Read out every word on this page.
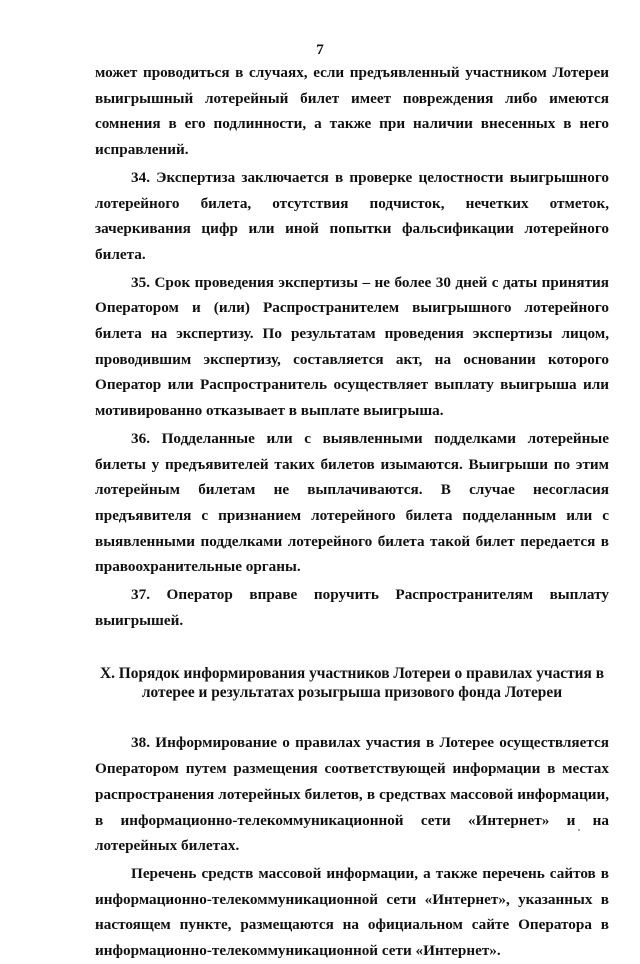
7

может проводиться в случаях, если предъявленный участником Лотереи выигрышный лотерейный билет имеет повреждения либо имеются сомнения в его подлинности, а также при наличии внесенных в него исправлений.

34. Экспертиза заключается в проверке целостности выигрышного лотерейного билета, отсутствия подчисток, нечетких отметок, зачеркивания цифр или иной попытки фальсификации лотерейного билета.

35. Срок проведения экспертизы – не более 30 дней с даты принятия Оператором и (или) Распространителем выигрышного лотерейного билета на экспертизу. По результатам проведения экспертизы лицом, проводившим экспертизу, составляется акт, на основании которого Оператор или Распространитель осуществляет выплату выигрыша или мотивированно отказывает в выплате выигрыша.

36. Подделанные или с выявленными подделками лотерейные билеты у предъявителей таких билетов изымаются. Выигрыши по этим лотерейным билетам не выплачиваются. В случае несогласия предъявителя с признанием лотерейного билета подделанным или с выявленными подделками лотерейного билета такой билет передается в правоохранительные органы.

37. Оператор вправе поручить Распространителям выплату выигрышей.

X. Порядок информирования участников Лотереи о правилах участия в
лотерее и результатах розыгрыша призового фонда Лотереи

38. Информирование о правилах участия в Лотерее осуществляется Оператором путем размещения соответствующей информации в местах распространения лотерейных билетов, в средствах массовой информации, в информационно-телекоммуникационной сети «Интернет» и на лотерейных билетах.

Перечень средств массовой информации, а также перечень сайтов в информационно-телекоммуникационной сети «Интернет», указанных в настоящем пункте, размещаются на официальном сайте Оператора в информационно-телекоммуникационной сети «Интернет».
